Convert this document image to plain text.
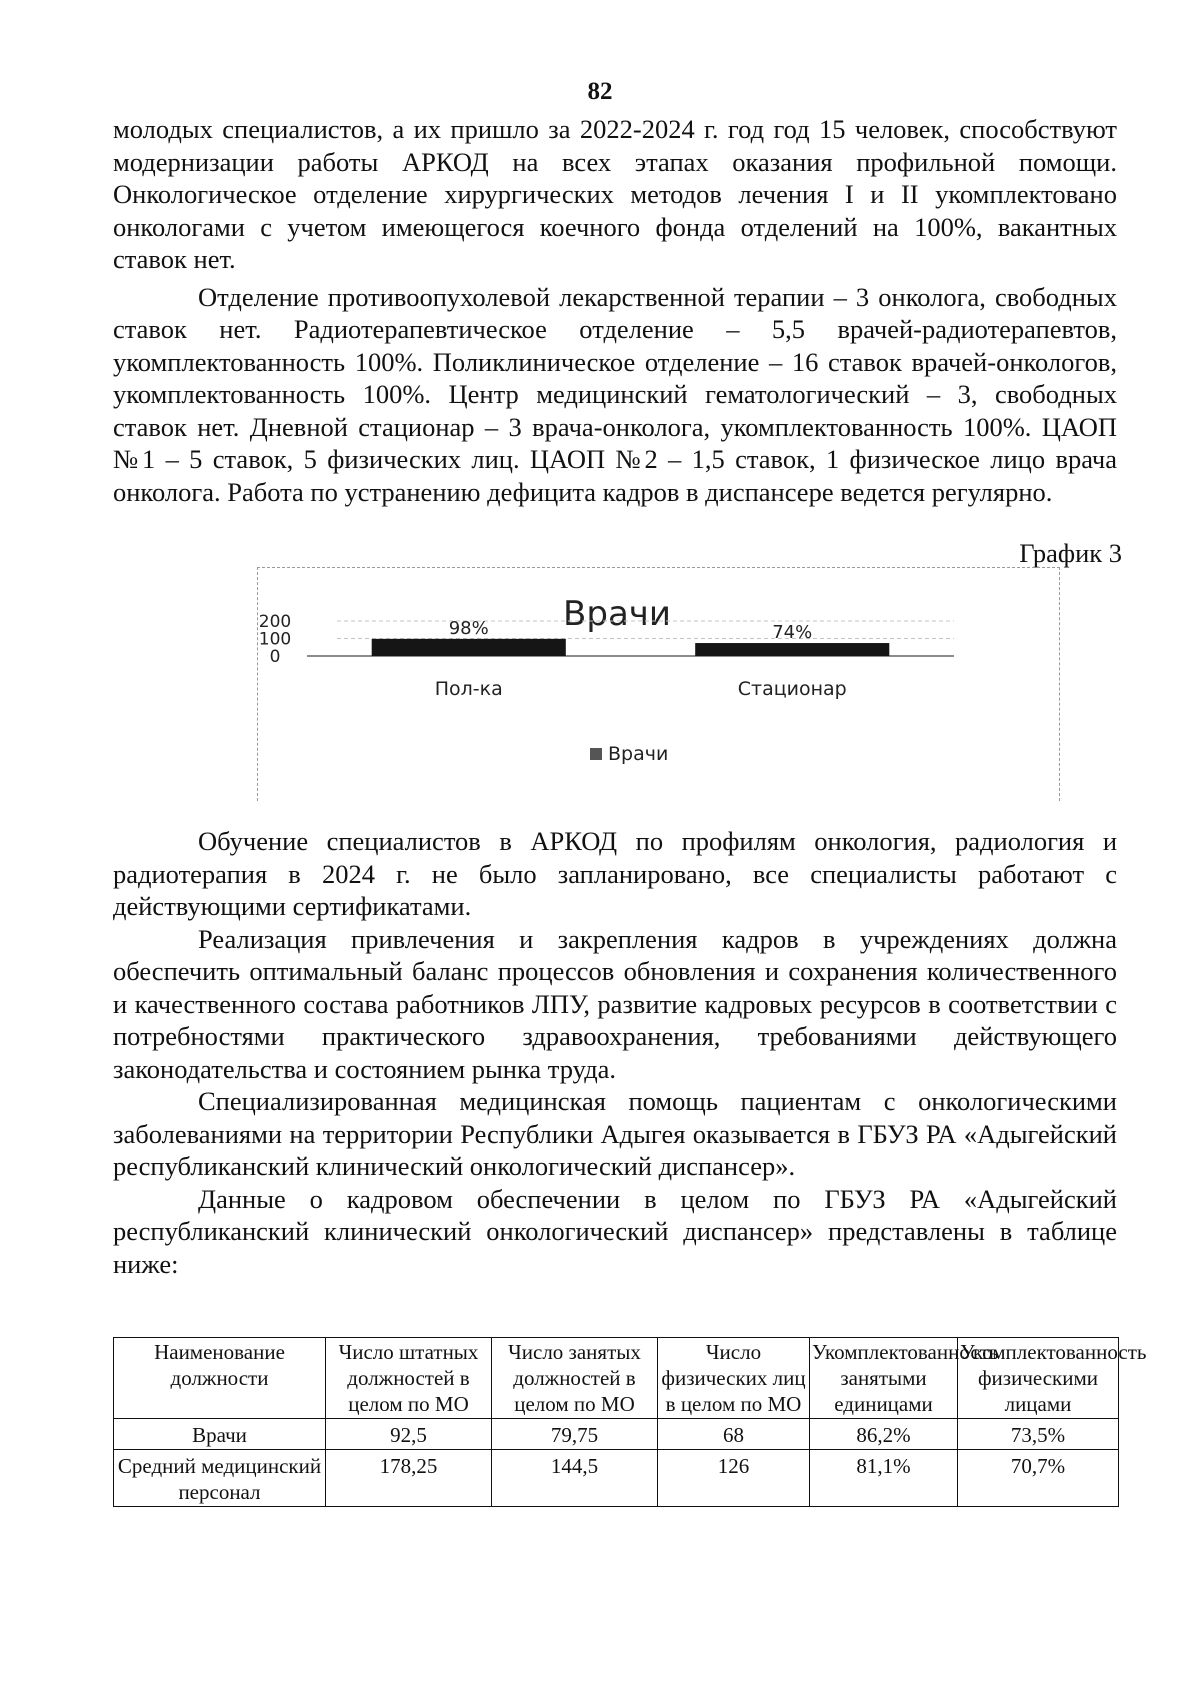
82

молодых специалистов, а их пришло за 2022-2024 г. год год 15 человек, способствуют модернизации работы АРКОД на всех этапах оказания профильной помощи. Онкологическое отделение хирургических методов лечения I и II укомплектовано онкологами с учетом имеющегося коечного фонда отделений на 100%, вакантных ставок нет.

Отделение противоопухолевой лекарственной терапии – 3 онколога, свободных ставок нет. Радиотерапевтическое отделение – 5,5 врачей-радиотерапевтов, укомплектованность 100%. Поликлиническое отделение – 16 ставок врачей-онкологов, укомплектованность 100%. Центр медицинский гематологический – 3, свободных ставок нет. Дневной стационар – 3 врача-онколога, укомплектованность 100%. ЦАОП №1 – 5 ставок, 5 физических лиц. ЦАОП №2 – 1,5 ставок, 1 физическое лицо врача онколога. Работа по устранению дефицита кадров в диспансере ведется регулярно.

График 3
Врачи
200
100
0
98%	74%
Пол-ка	Стационар
Врачи

Обучение специалистов в АРКОД по профилям онкология, радиология и радиотерапия в 2024 г. не было запланировано, все специалисты работают с действующими сертификатами.

Реализация привлечения и закрепления кадров в учреждениях должна обеспечить оптимальный баланс процессов обновления и сохранения количественного и качественного состава работников ЛПУ, развитие кадровых ресурсов в соответствии с потребностями практического здравоохранения, требованиями действующего законодательства и состоянием рынка труда.

Специализированная медицинская помощь пациентам с онкологическими заболеваниями на территории Республики Адыгея оказывается в ГБУЗ РА «Адыгейский республиканский клинический онкологический диспансер».

Данные о кадровом обеспечении в целом по ГБУЗ РА «Адыгейский республиканский клинический онкологический диспансер» представлены в таблице ниже:

Наименование должности	Число штатных должностей в целом по МО	Число занятых должностей в целом по МО	Число физических лиц в целом по МО	Укомплектованность занятыми единицами	Укомплектованность физическими лицами
Врачи	92,5	79,75	68	86,2%	73,5%
Средний медицинский персонал	178,25	144,5	126	81,1%	70,7%
